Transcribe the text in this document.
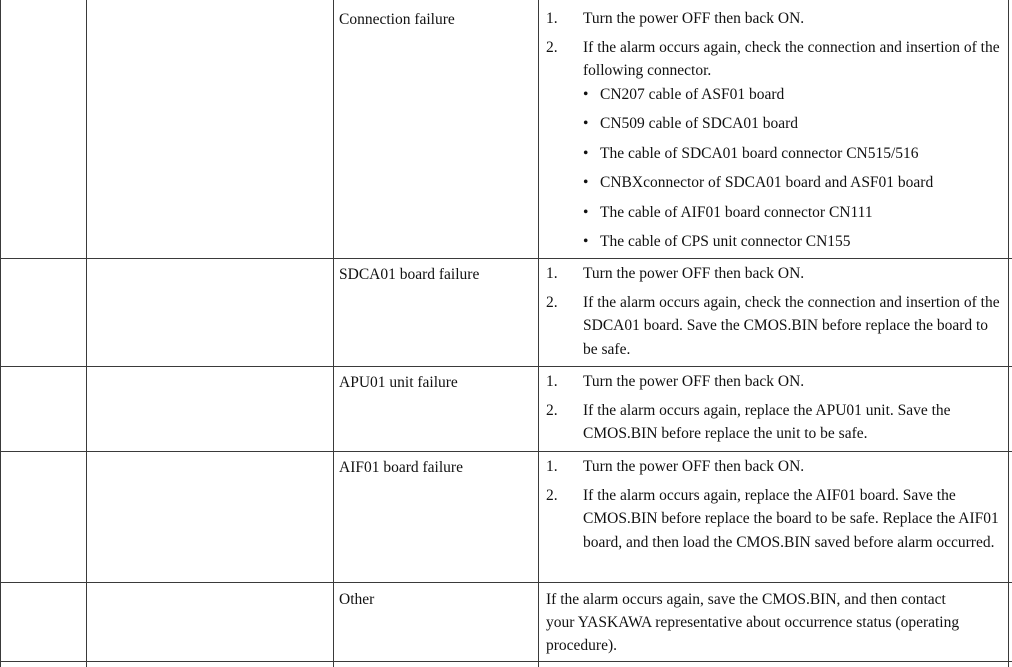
Connection failure	1. Turn the power OFF then back ON.
2. If the alarm occurs again, check the connection and insertion of the following connector.
• CN207 cable of ASF01 board
• CN509 cable of SDCA01 board
• The cable of SDCA01 board connector CN515/516
• CNBXconnector of SDCA01 board and ASF01 board
• The cable of AIF01 board connector CN111
• The cable of CPS unit connector CN155
SDCA01 board failure	1. Turn the power OFF then back ON.
2. If the alarm occurs again, check the connection and insertion of the SDCA01 board. Save the CMOS.BIN before replace the board to be safe.
APU01 unit failure	1. Turn the power OFF then back ON.
2. If the alarm occurs again, replace the APU01 unit. Save the CMOS.BIN before replace the unit to be safe.
AIF01 board failure	1. Turn the power OFF then back ON.
2. If the alarm occurs again, replace the AIF01 board. Save the CMOS.BIN before replace the board to be safe. Replace the AIF01 board, and then load the CMOS.BIN saved before alarm occurred.
Other	If the alarm occurs again, save the CMOS.BIN, and then contact your YASKAWA representative about occurrence status (operating procedure).
